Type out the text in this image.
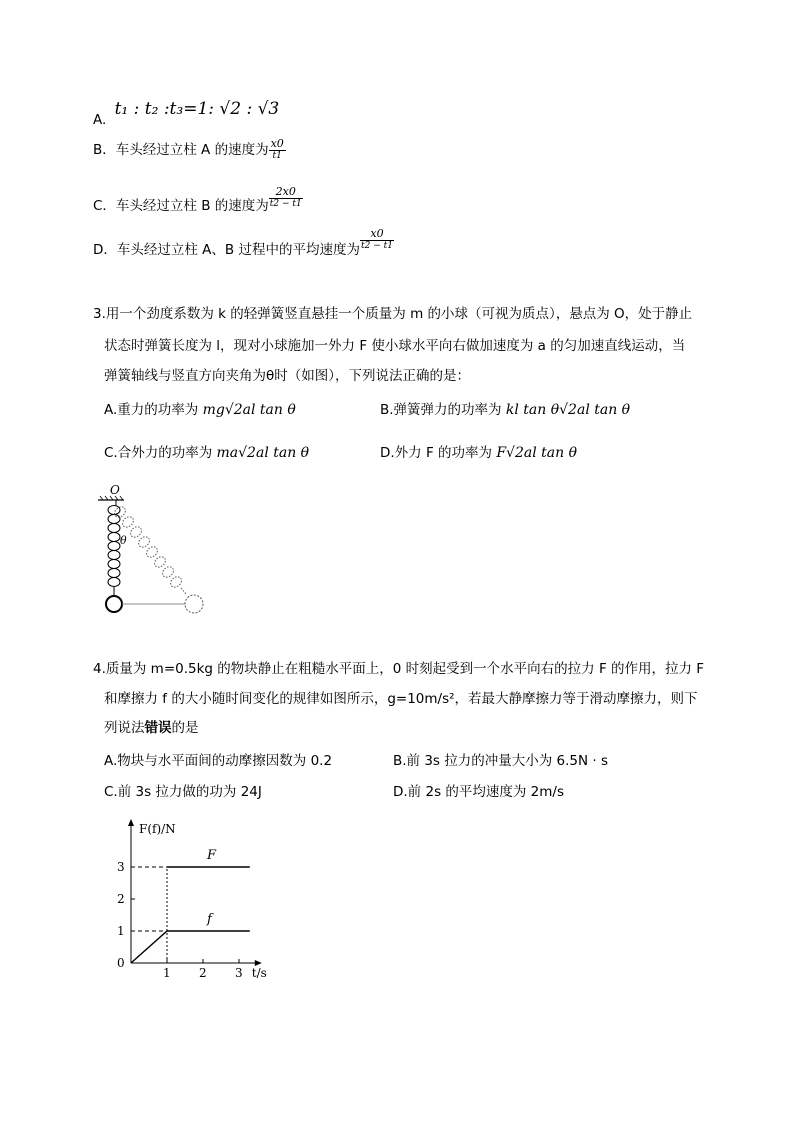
A. t₁ : t₂ :t₃=1: √2 : √3
B．车头经过立柱 A 的速度为 $\frac{x0}{t1}$
C．车头经过立柱 B 的速度为 $\frac{2x0}{t2 - t1}$
D．车头经过立柱 A、B 过程中的平均速度为 $\frac{x0}{t2 - t1}$
3.用一个劲度系数为 k 的轻弹簧竖直悬挂一个质量为 m 的小球（可视为质点），悬点为 O，处于静止
状态时弹簧长度为 l，现对小球施加一外力 F 使小球水平向右做加速度为 a 的匀加速直线运动，当
弹簧轴线与竖直方向夹角为θ时（如图），下列说法正确的是：
A.重力的功率为 mg√2al tan θ	B.弹簧弹力的功率为 kl tan θ√2al tan θ
C.合外力的功率为 ma√2al tan θ	D.外力 F 的功率为 F√2al tan θ
O
θ
4.质量为 m=0.5kg 的物块静止在粗糙水平面上，0 时刻起受到一个水平向右的拉力 F 的作用，拉力 F
和摩擦力 f 的大小随时间变化的规律如图所示，g=10m/s²，若最大静摩擦力等于滑动摩擦力，则下
列说法错误的是
A.物块与水平面间的动摩擦因数为 0.2	B.前 3s 拉力的冲量大小为 6.5N · s
C.前 3s 拉力做的功为 24J	D.前 2s 的平均速度为 2m/s
F(f)/N
t/s
0
1 2 3
1
2
3
F
f
